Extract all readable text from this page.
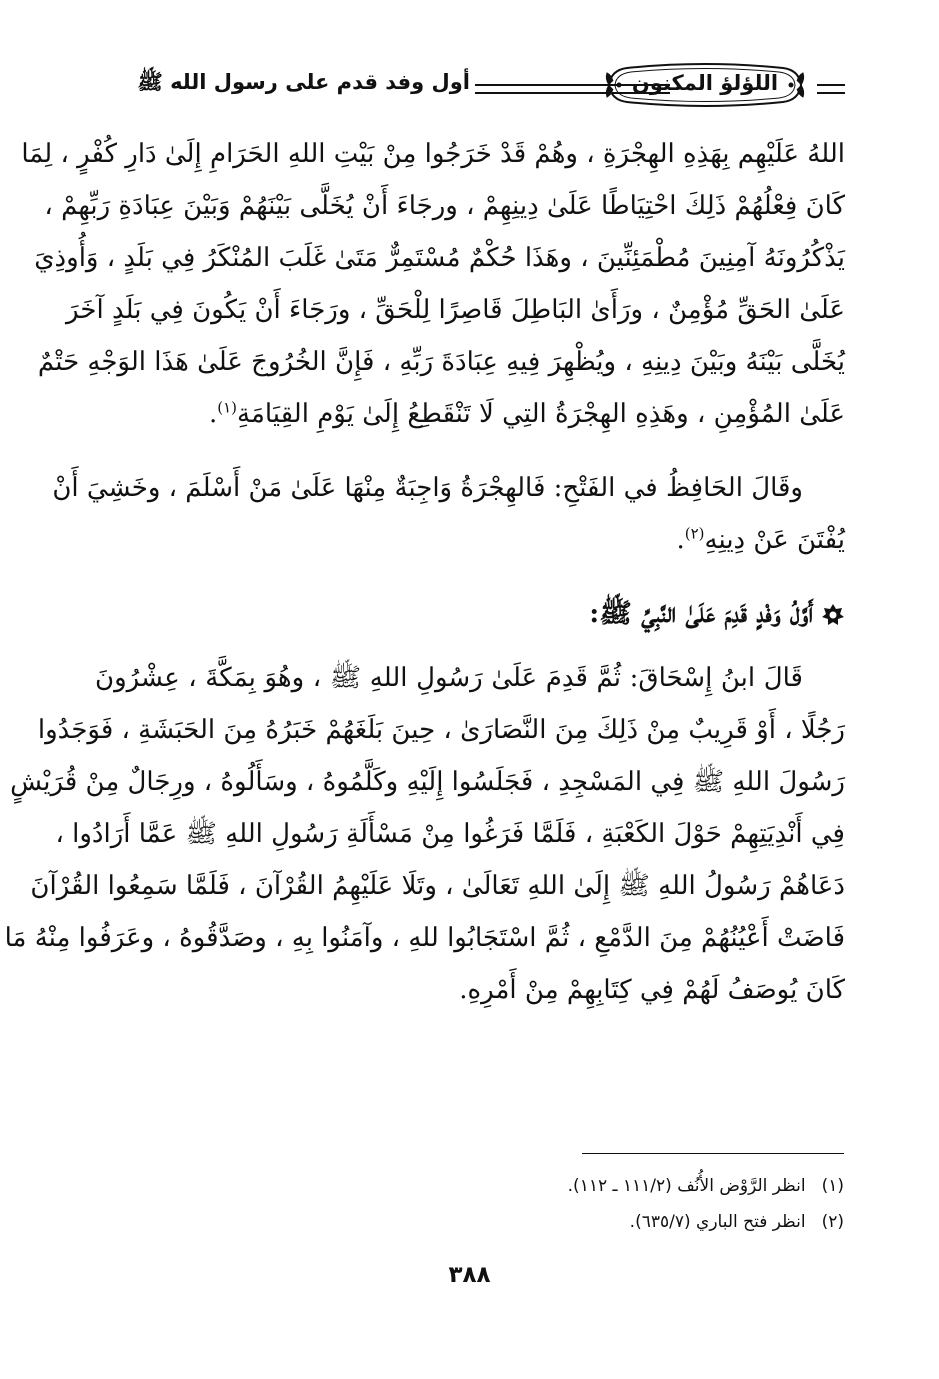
اللؤلؤ المكنون
أول وفد قدم على رسول الله ﷺ
اللهُ عَلَيْهِم بِهَذِهِ الهِجْرَةِ ، وهُمْ قَدْ خَرَجُوا مِنْ بَيْتِ اللهِ الحَرَامِ إِلَىٰ دَارِ كُفْرٍ ، لِمَا
كَانَ فِعْلُهُمْ ذَلِكَ احْتِيَاطًا عَلَىٰ دِينِهِمْ ، ورجَاءَ أَنْ يُخَلَّى بَيْنَهُمْ وَبَيْنَ عِبَادَةِ رَبِّهِمْ ،
يَذْكُرُونَهُ آمِنِينَ مُطْمَئِنِّينَ ، وهَذَا حُكْمٌ مُسْتَمِرٌّ مَتَىٰ غَلَبَ المُنْكَرُ فِي بَلَدٍ ، وَأُوذِيَ
عَلَىٰ الحَقِّ مُؤْمِنٌ ، ورَأَىٰ البَاطِلَ قَاصِرًا لِلْحَقِّ ، ورَجَاءَ أَنْ يَكُونَ فِي بَلَدٍ آخَرَ
يُخَلَّى بَيْنَهُ وبَيْنَ دِينِهِ ، ويُظْهِرَ فِيهِ عِبَادَةَ رَبِّهِ ، فَإِنَّ الخُرُوجَ عَلَىٰ هَذَا الوَجْهِ حَتْمٌ
عَلَىٰ المُؤْمِنِ ، وهَذِهِ الهِجْرَةُ التِي لَا تَنْقَطِعُ إِلَىٰ يَوْمِ القِيَامَةِ$^{(١)}$.
وقَالَ الحَافِظُ في الفَتْحِ: فَالهِجْرَةُ وَاجِبَةٌ مِنْهَا عَلَىٰ مَنْ أَسْلَمَ ، وخَشِيَ أَنْ
يُفْتَنَ عَنْ دِينِهِ$^{(٢)}$.
أَوَّلُ وَفْدٍ قَدِمَ عَلَىٰ النَّبِيِّ ﷺ:
قَالَ ابنُ إِسْحَاقَ: ثُمَّ قَدِمَ عَلَىٰ رَسُولِ اللهِ ﷺ ، وهُوَ بِمَكَّةَ ، عِشْرُونَ
رَجُلًا ، أَوْ قَرِيبٌ مِنْ ذَلِكَ مِنَ النَّصَارَىٰ ، حِينَ بَلَغَهُمْ خَبَرُهُ مِنَ الحَبَشَةِ ، فَوَجَدُوا
رَسُولَ اللهِ ﷺ فِي المَسْجِدِ ، فَجَلَسُوا إِلَيْهِ وكَلَّمُوهُ ، وسَأَلُوهُ ، ورِجَالٌ مِنْ قُرَيْشٍ
فِي أَنْدِيَتِهِمْ حَوْلَ الكَعْبَةِ ، فَلَمَّا فَرَغُوا مِنْ مَسْأَلَةِ رَسُولِ اللهِ ﷺ عَمَّا أَرَادُوا ،
دَعَاهُمْ رَسُولُ اللهِ ﷺ إِلَىٰ اللهِ تَعَالَىٰ ، وتَلَا عَلَيْهِمُ القُرْآنَ ، فَلَمَّا سَمِعُوا القُرْآنَ
فَاضَتْ أَعْيُنُهُمْ مِنَ الدَّمْعِ ، ثُمَّ اسْتَجَابُوا للهِ ، وآمَنُوا بِهِ ، وصَدَّقُوهُ ، وعَرَفُوا مِنْهُ مَا
كَانَ يُوصَفُ لَهُمْ فِي كِتَابِهِمْ مِنْ أَمْرِهِ.
(١)انظر الرَّوْض الأُنُف (١١١/٢ ـ ١١٢).
(٢)انظر فتح الباري (٦٣٥/٧).
٣٨٨
